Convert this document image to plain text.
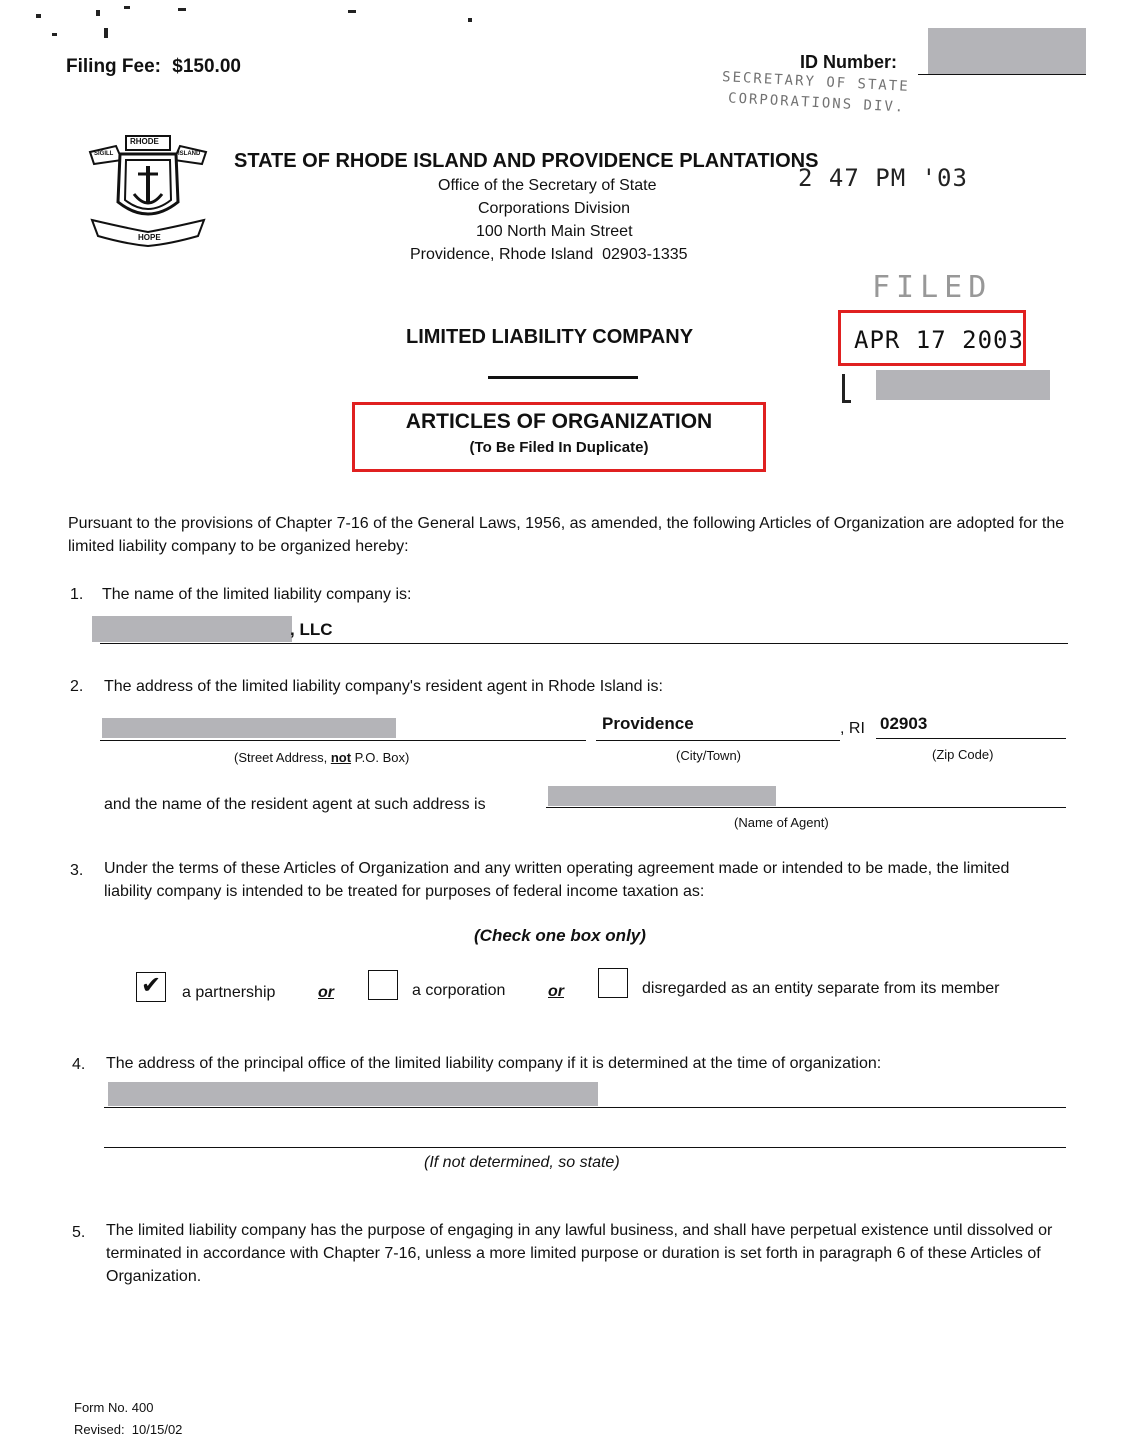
Filing Fee: $150.00	ID Number:
SECRETARY OF STATE
CORPORATIONS DIV.
2 47 PM '03
RHODE
SIGILL	ISLAND
HOPE
STATE OF RHODE ISLAND AND PROVIDENCE PLANTATIONS
Office of the Secretary of State
Corporations Division
100 North Main Street
Providence, Rhode Island  02903-1335
FILED
APR 17 2003
LIMITED LIABILITY COMPANY
ARTICLES OF ORGANIZATION
(To Be Filed In Duplicate)
Pursuant to the provisions of Chapter 7-16 of the General Laws, 1956, as amended, the following Articles of Organization are adopted for the limited liability company to be organized hereby:
1. The name of the limited liability company is:
, LLC
2. The address of the limited liability company's resident agent in Rhode Island is:
Providence	, RI 02903
(Street Address, not P.O. Box)	(City/Town)	(Zip Code)
and the name of the resident agent at such address is
(Name of Agent)
3. Under the terms of these Articles of Organization and any written operating agreement made or intended to be made, the limited liability company is intended to be treated for purposes of federal income taxation as:
(Check one box only)
✔ a partnership	or	a corporation	or	disregarded as an entity separate from its member
4. The address of the principal office of the limited liability company if it is determined at the time of organization:
(If not determined, so state)
5. The limited liability company has the purpose of engaging in any lawful business, and shall have perpetual existence until dissolved or terminated in accordance with Chapter 7-16, unless a more limited purpose or duration is set forth in paragraph 6 of these Articles of Organization.
Form No. 400
Revised:  10/15/02
